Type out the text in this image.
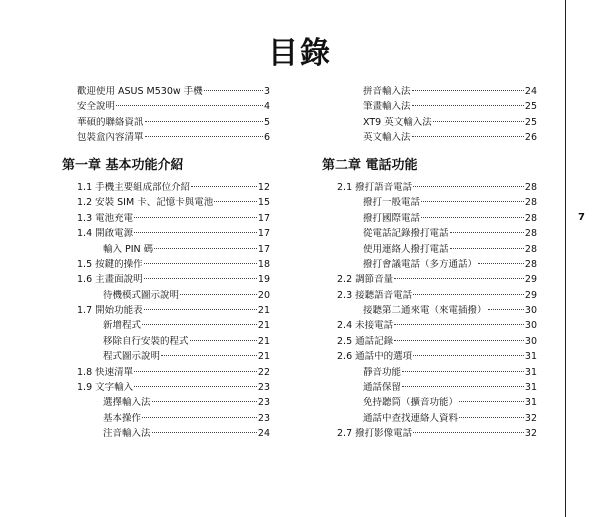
目錄
歡迎使用 ASUS M530w 手機	3
安全說明	4
華碩的聯絡資訊	5
包裝盒內容清單	6
第一章 基本功能介紹
1.1 手機主要組成部位介紹	12
1.2 安裝 SIM 卡、記憶卡與電池	15
1.3 電池充電	17
1.4 開啟電源	17
輸入 PIN 碼	17
1.5 按鍵的操作	18
1.6 主畫面說明	19
待機模式圖示說明	20
1.7 開始功能表	21
新增程式	21
移除自行安裝的程式	21
程式圖示說明	21
1.8 快速清單	22
1.9 文字輸入	23
選擇輸入法	23
基本操作	23
注音輸入法	24
拼音輸入法	24
筆畫輸入法	25
XT9 英文輸入法	25
英文輸入法	26
第二章 電話功能
2.1 撥打語音電話	28
撥打一般電話	28
撥打國際電話	28
從電話記錄撥打電話	28
使用連絡人撥打電話	28
撥打會議電話（多方通話）	28
2.2 調節音量	29
2.3 接聽語音電話	29
接聽第二通來電（來電插撥）	30
2.4 未接電話	30
2.5 通話記錄	30
2.6 通話中的選項	31
靜音功能	31
通話保留	31
免持聽筒（擴音功能）	31
通話中查找連絡人資料	32
2.7 撥打影像電話	32
7
